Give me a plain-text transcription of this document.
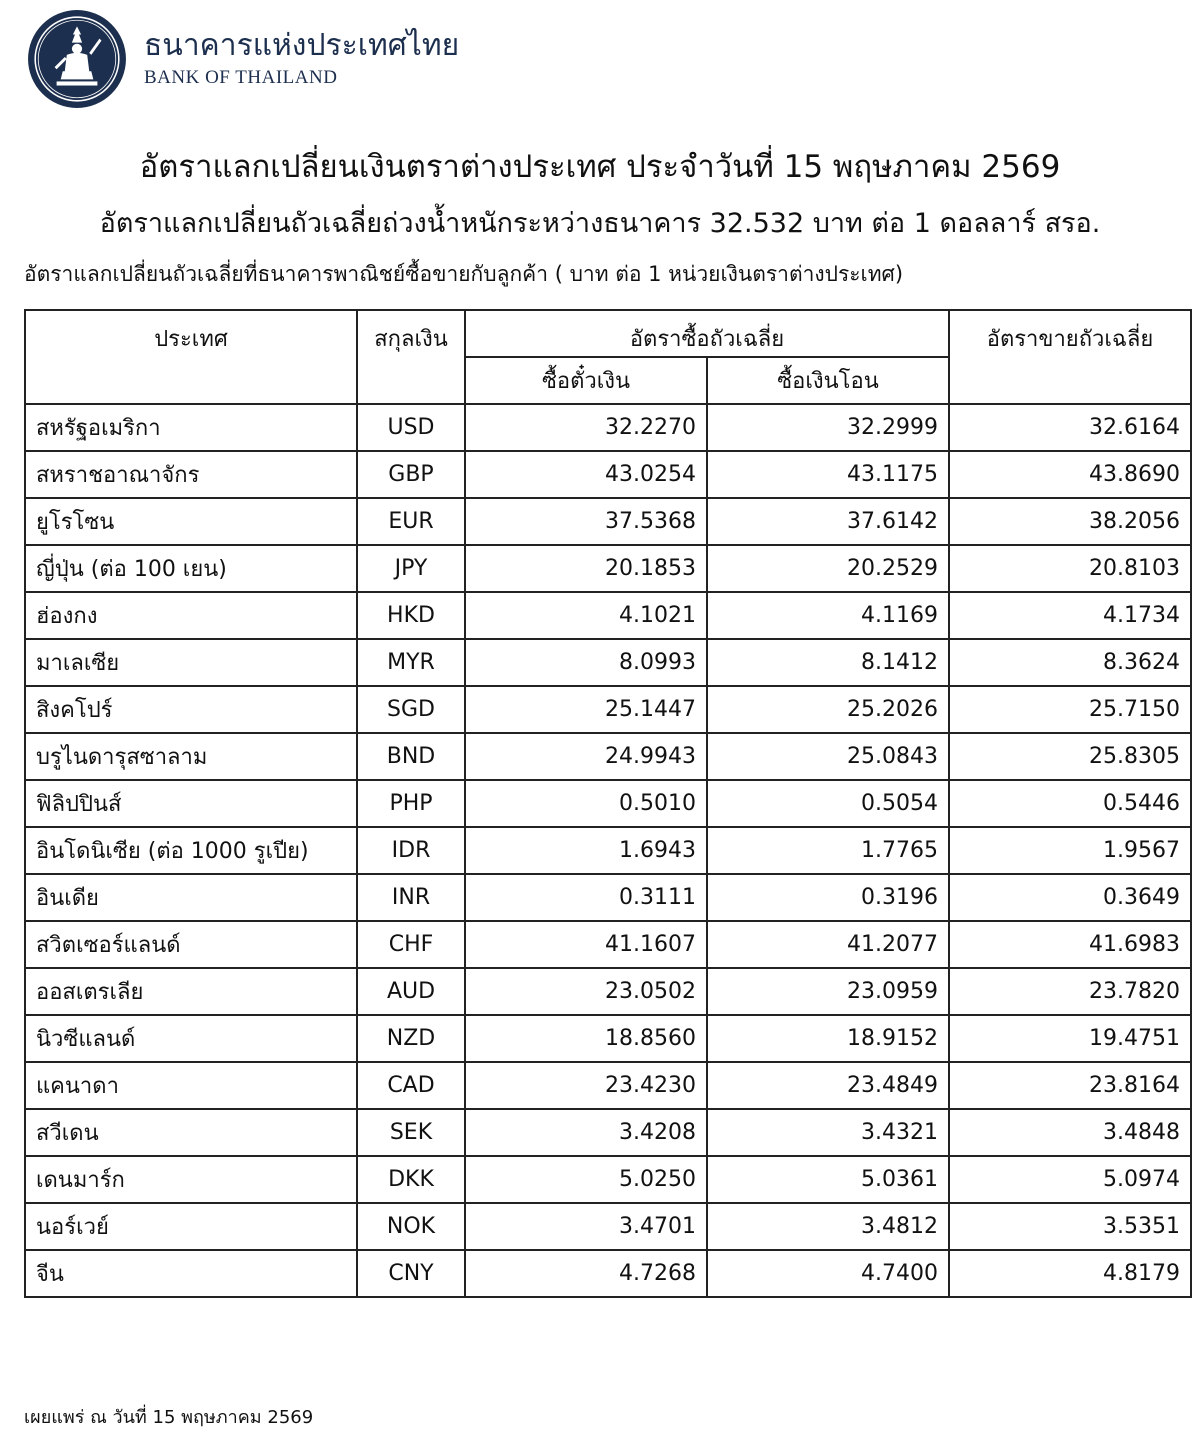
ธนาคารแห่งประเทศไทย
BANK OF THAILAND
อัตราแลกเปลี่ยนเงินตราต่างประเทศ ประจำวันที่ 15 พฤษภาคม 2569
อัตราแลกเปลี่ยนถัวเฉลี่ยถ่วงน้ำหนักระหว่างธนาคาร 32.532 บาท ต่อ 1 ดอลลาร์ สรอ.
อัตราแลกเปลี่ยนถัวเฉลี่ยที่ธนาคารพาณิชย์ซื้อขายกับลูกค้า ( บาท ต่อ 1 หน่วยเงินตราต่างประเทศ)
ประเทศ	สกุลเงิน	อัตราซื้อถัวเฉลี่ย		อัตราขายถัวเฉลี่ย
		ซื้อตั๋วเงิน	ซื้อเงินโอน	
สหรัฐอเมริกา	USD	32.2270	32.2999	32.6164
สหราชอาณาจักร	GBP	43.0254	43.1175	43.8690
ยูโรโซน	EUR	37.5368	37.6142	38.2056
ญี่ปุ่น (ต่อ 100 เยน)	JPY	20.1853	20.2529	20.8103
ฮ่องกง	HKD	4.1021	4.1169	4.1734
มาเลเซีย	MYR	8.0993	8.1412	8.3624
สิงคโปร์	SGD	25.1447	25.2026	25.7150
บรูไนดารุสซาลาม	BND	24.9943	25.0843	25.8305
ฟิลิปปินส์	PHP	0.5010	0.5054	0.5446
อินโดนิเซีย (ต่อ 1000 รูเปีย)	IDR	1.6943	1.7765	1.9567
อินเดีย	INR	0.3111	0.3196	0.3649
สวิตเซอร์แลนด์	CHF	41.1607	41.2077	41.6983
ออสเตรเลีย	AUD	23.0502	23.0959	23.7820
นิวซีแลนด์	NZD	18.8560	18.9152	19.4751
แคนาดา	CAD	23.4230	23.4849	23.8164
สวีเดน	SEK	3.4208	3.4321	3.4848
เดนมาร์ก	DKK	5.0250	5.0361	5.0974
นอร์เวย์	NOK	3.4701	3.4812	3.5351
จีน	CNY	4.7268	4.7400	4.8179
เผยแพร่ ณ วันที่ 15 พฤษภาคม 2569
